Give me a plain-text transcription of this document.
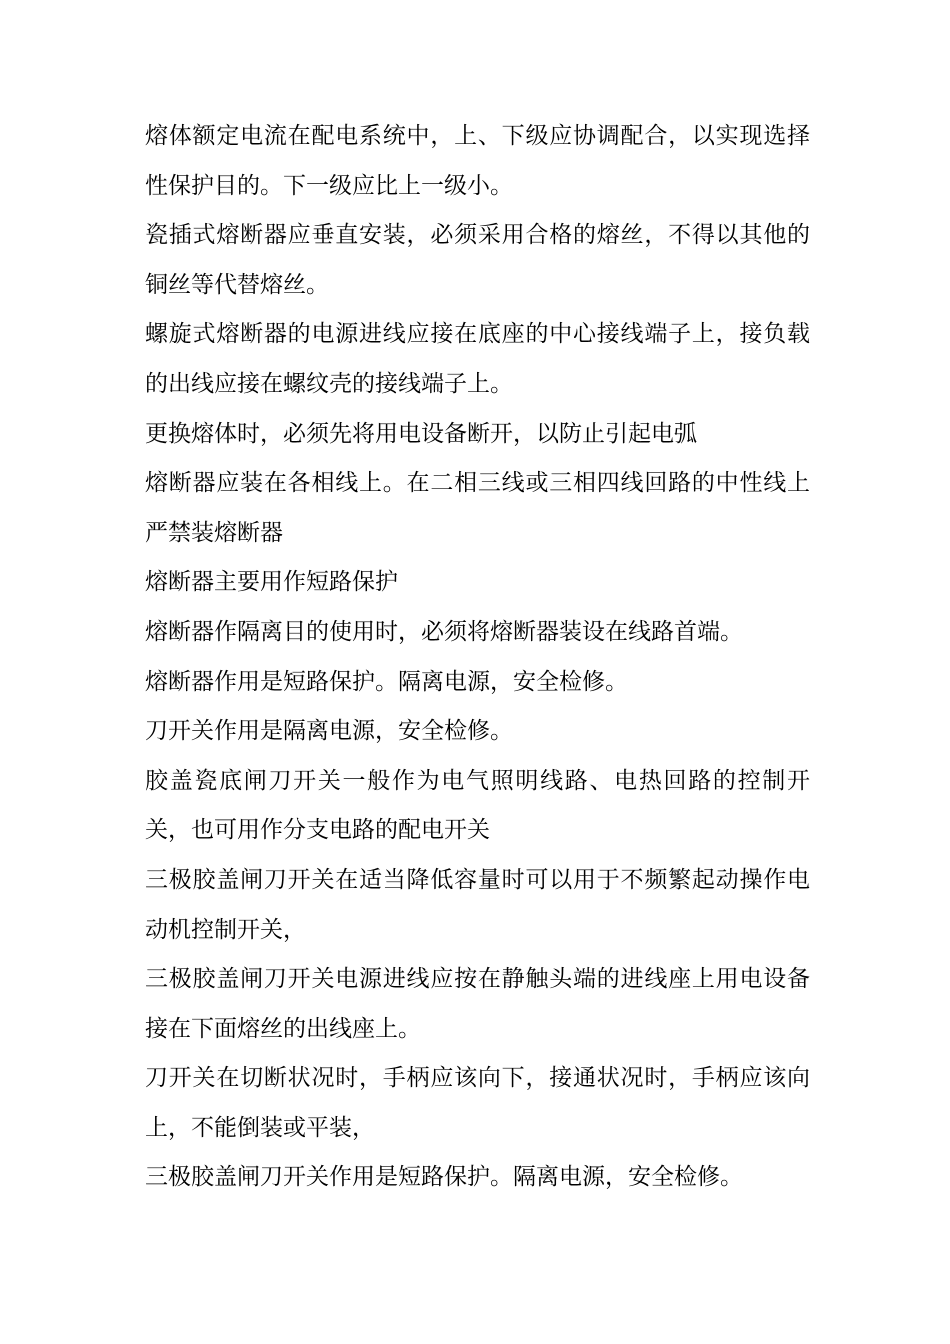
熔体额定电流在配电系统中，上、下级应协调配合，以实现选择性保护目的。下一级应比上一级小。

瓷插式熔断器应垂直安装，必须采用合格的熔丝，不得以其他的铜丝等代替熔丝。

螺旋式熔断器的电源进线应接在底座的中心接线端子上，接负载的出线应接在螺纹壳的接线端子上。

更换熔体时，必须先将用电设备断开，以防止引起电弧

熔断器应装在各相线上。在二相三线或三相四线回路的中性线上严禁装熔断器

熔断器主要用作短路保护

熔断器作隔离目的使用时，必须将熔断器装设在线路首端。

熔断器作用是短路保护。隔离电源，安全检修。

刀开关作用是隔离电源，安全检修。

胶盖瓷底闸刀开关一般作为电气照明线路、电热回路的控制开关，也可用作分支电路的配电开关

三极胶盖闸刀开关在适当降低容量时可以用于不频繁起动操作电动机控制开关，

三极胶盖闸刀开关电源进线应按在静触头端的进线座上用电设备接在下面熔丝的出线座上。

刀开关在切断状况时，手柄应该向下，接通状况时，手柄应该向上，不能倒装或平装，

三极胶盖闸刀开关作用是短路保护。隔离电源，安全检修。
